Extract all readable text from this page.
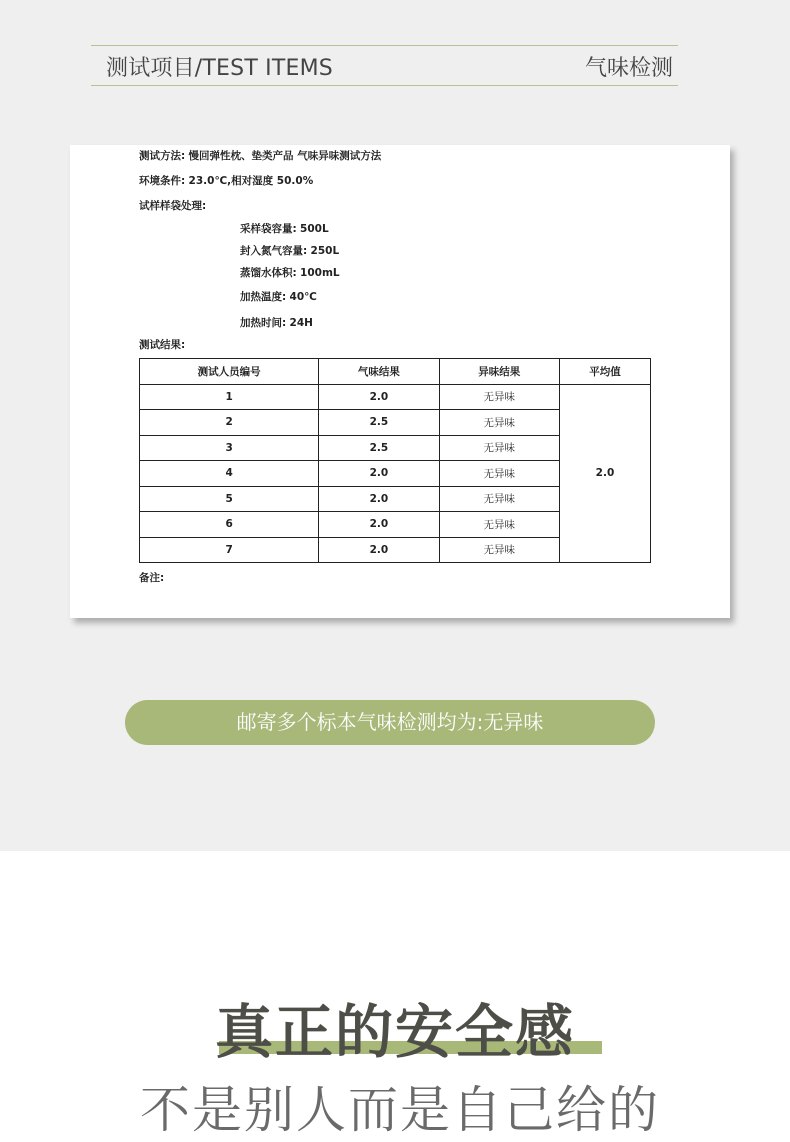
测试项目/TEST ITEMS	气味检测
测试方法: 慢回弹性枕、垫类产品 气味异味测试方法
环境条件: 23.0℃,相对湿度 50.0%
试样样袋处理:
采样袋容量: 500L
封入氮气容量: 250L
蒸馏水体积: 100mL
加热温度: 40℃
加热时间: 24H
测试结果:
测试人员编号	气味结果	异味结果	平均值
1	2.0	无异味	2.0
2	2.5	无异味	
3	2.5	无异味	
4	2.0	无异味	
5	2.0	无异味	
6	2.0	无异味	
7	2.0	无异味	
备注:
邮寄多个标本气味检测均为:无异味
真正的安全感
不是别人而是自己给的
